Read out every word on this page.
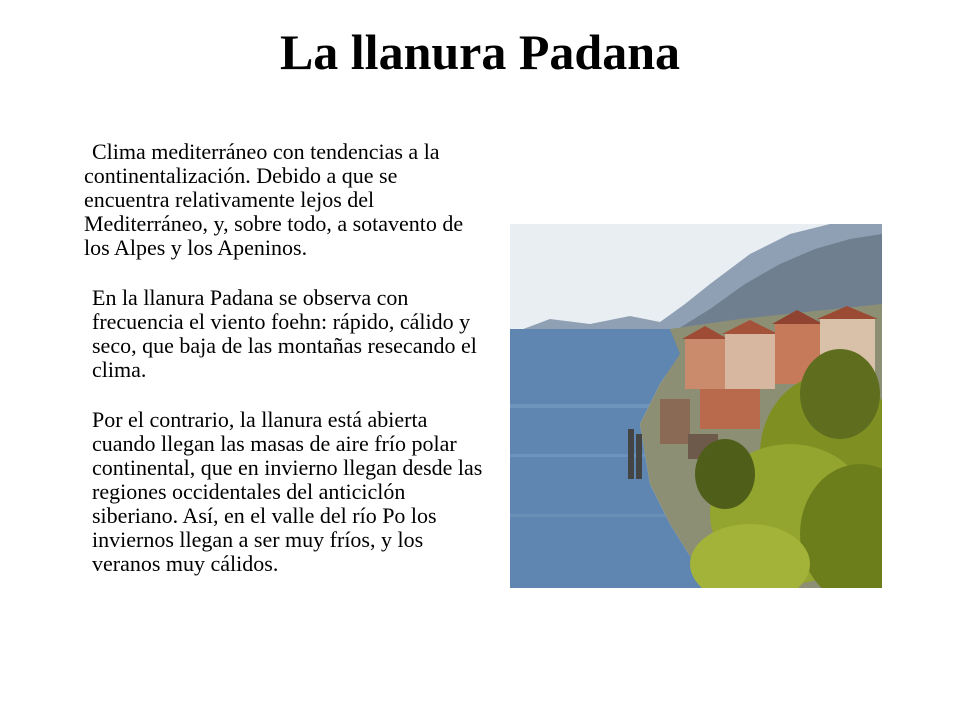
La llanura Padana

Clima mediterráneo con tendencias a la continentalización. Debido a que se encuentra relativamente lejos del Mediterráneo, y, sobre todo, a sotavento de los Alpes y los Apeninos.

En la llanura Padana se observa con frecuencia el viento foehn: rápido, cálido y seco, que baja de las montañas resecando el clima.

Por el contrario, la llanura está abierta cuando llegan las masas de aire frío polar continental, que en invierno llegan desde las regiones occidentales del anticiclón siberiano. Así, en el valle del río Po los inviernos llegan a ser muy fríos, y los veranos muy cálidos.
